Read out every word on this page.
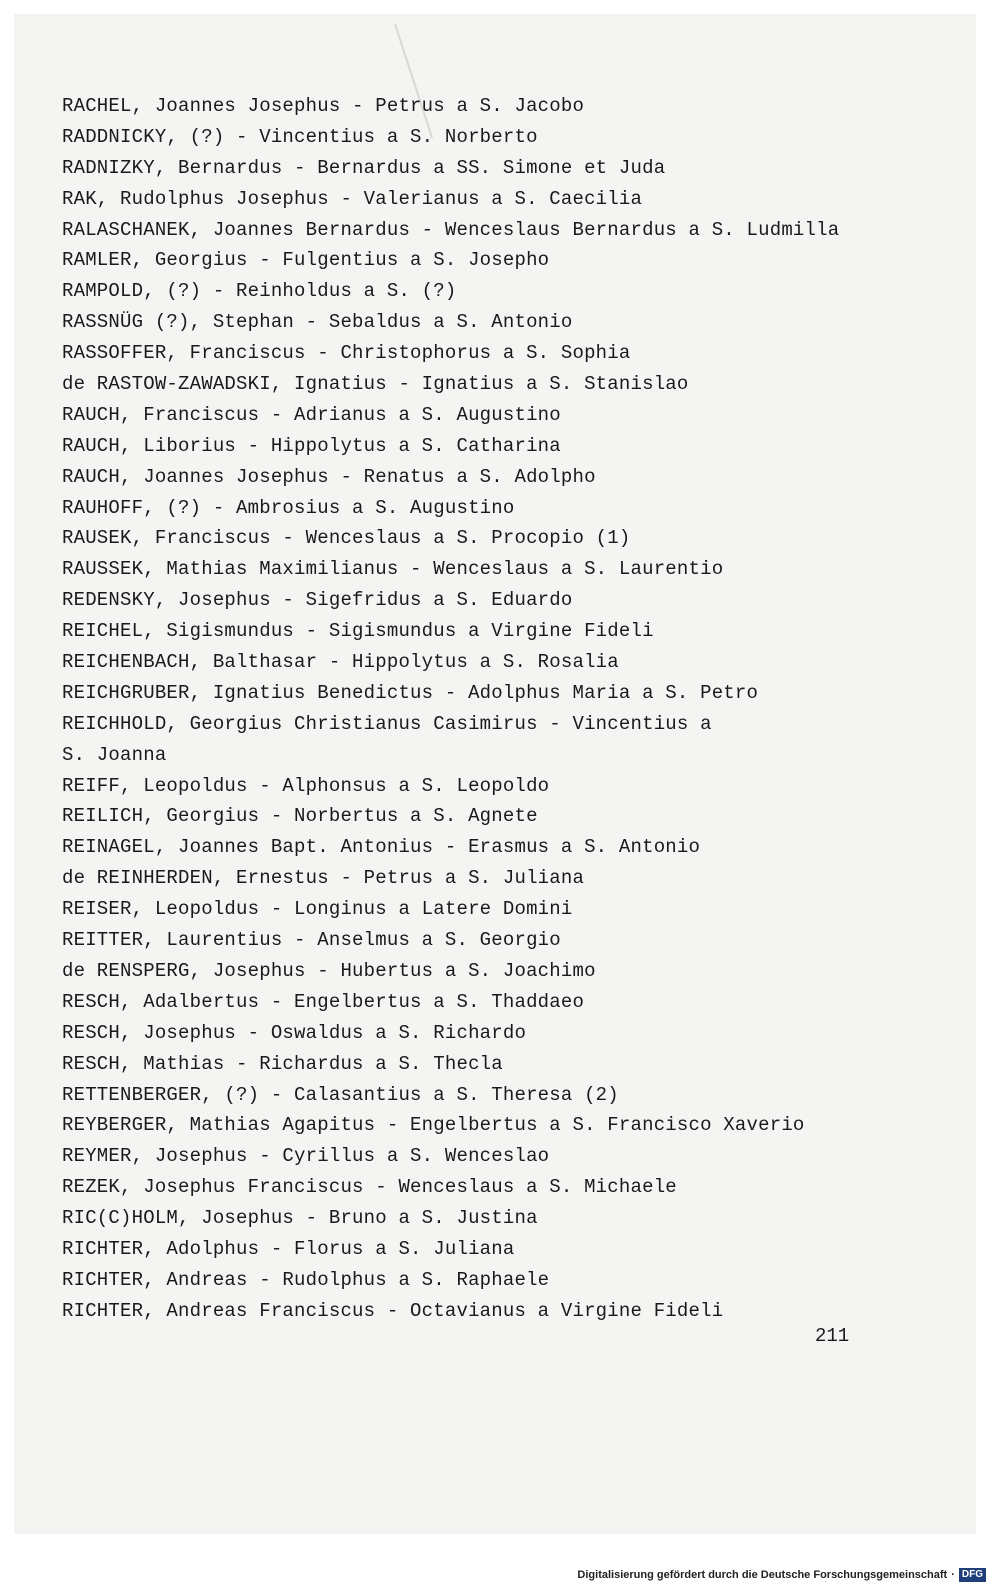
RACHEL, Joannes Josephus - Petrus a S. Jacobo
RADDNICKY, (?) - Vincentius a S. Norberto
RADNIZKY, Bernardus - Bernardus a SS. Simone et Juda
RAK, Rudolphus Josephus - Valerianus a S. Caecilia
RALASCHANEK, Joannes Bernardus - Wenceslaus Bernardus a S. Ludmilla
RAMLER, Georgius - Fulgentius a S. Josepho
RAMPOLD, (?) - Reinholdus a S. (?)
RASSNÜG (?), Stephan - Sebaldus a S. Antonio
RASSOFFER, Franciscus - Christophorus a S. Sophia
de RASTOW-ZAWADSKI, Ignatius - Ignatius a S. Stanislao
RAUCH, Franciscus - Adrianus a S. Augustino
RAUCH, Liborius - Hippolytus a S. Catharina
RAUCH, Joannes Josephus - Renatus a S. Adolpho
RAUHOFF, (?) - Ambrosius a S. Augustino
RAUSEK, Franciscus - Wenceslaus a S. Procopio (1)
RAUSSEK, Mathias Maximilianus - Wenceslaus a S. Laurentio
REDENSKY, Josephus - Sigefridus a S. Eduardo
REICHEL, Sigismundus - Sigismundus a Virgine Fideli
REICHENBACH, Balthasar - Hippolytus a S. Rosalia
REICHGRUBER, Ignatius Benedictus - Adolphus Maria a S. Petro
REICHHOLD, Georgius Christianus Casimirus - Vincentius a
S. Joanna
REIFF, Leopoldus - Alphonsus a S. Leopoldo
REILICH, Georgius - Norbertus a S. Agnete
REINAGEL, Joannes Bapt. Antonius - Erasmus a S. Antonio
de REINHERDEN, Ernestus - Petrus a S. Juliana
REISER, Leopoldus - Longinus a Latere Domini
REITTER, Laurentius - Anselmus a S. Georgio
de RENSPERG, Josephus - Hubertus a S. Joachimo
RESCH, Adalbertus - Engelbertus a S. Thaddaeo
RESCH, Josephus - Oswaldus a S. Richardo
RESCH, Mathias - Richardus a S. Thecla
RETTENBERGER, (?) - Calasantius a S. Theresa (2)
REYBERGER, Mathias Agapitus - Engelbertus a S. Francisco Xaverio
REYMER, Josephus - Cyrillus a S. Wenceslao
REZEK, Josephus Franciscus - Wenceslaus a S. Michaele
RIC(C)HOLM, Josephus - Bruno a S. Justina
RICHTER, Adolphus - Florus a S. Juliana
RICHTER, Andreas - Rudolphus a S. Raphaele
RICHTER, Andreas Franciscus - Octavianus a Virgine Fideli
211
Digitalisierung gefördert durch die Deutsche Forschungsgemeinschaft · DFG
